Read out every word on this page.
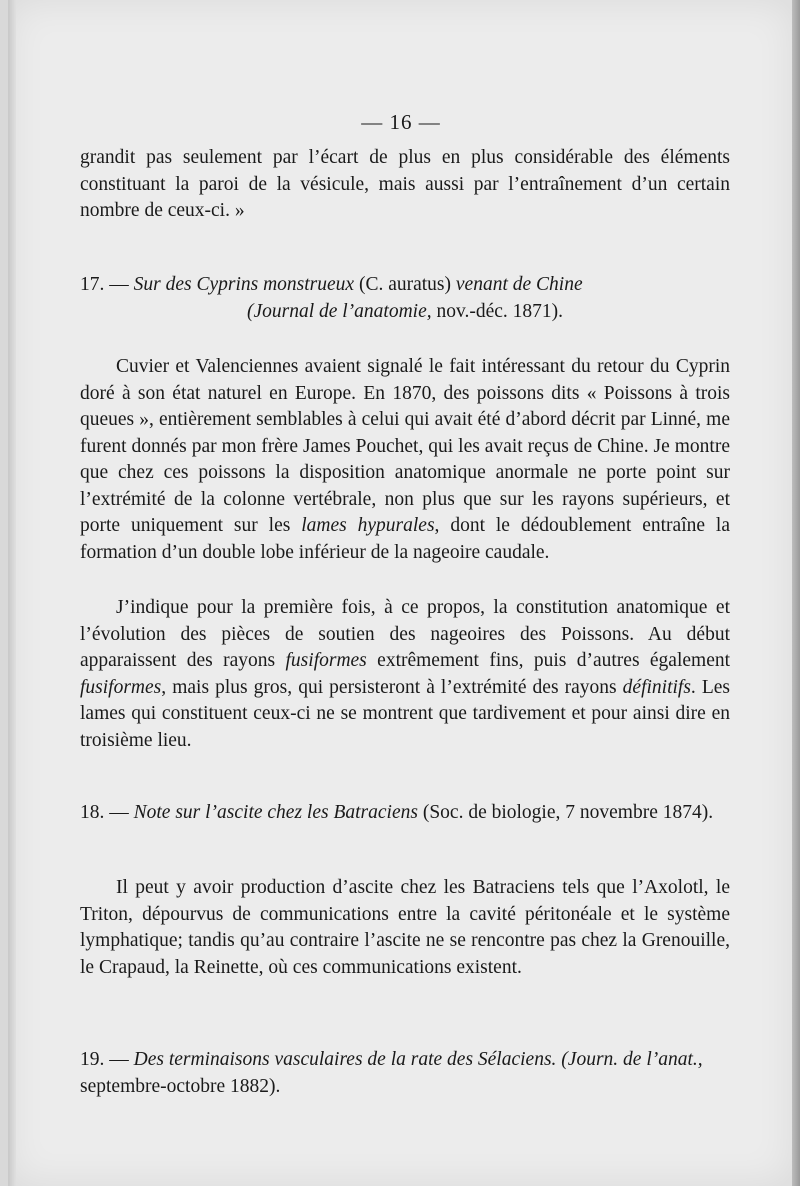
— 16 —

grandit pas seulement par l’écart de plus en plus considérable des éléments constituant la paroi de la vésicule, mais aussi par l’entraînement d’un certain nombre de ceux-ci. »

17. — Sur des Cyprins monstrueux (C. auratus) venant de Chine
(Journal de l’anatomie, nov.-déc. 1871).

Cuvier et Valenciennes avaient signalé le fait intéressant du retour du Cyprin doré à son état naturel en Europe. En 1870, des poissons dits « Poissons à trois queues », entièrement semblables à celui qui avait été d’abord décrit par Linné, me furent donnés par mon frère James Pouchet, qui les avait reçus de Chine. Je montre que chez ces poissons la disposition anatomique anormale ne porte point sur l’extrémité de la colonne vertébrale, non plus que sur les rayons supérieurs, et porte uniquement sur les lames hypurales, dont le dédoublement entraîne la formation d’un double lobe inférieur de la nageoire caudale.

J’indique pour la première fois, à ce propos, la constitution anatomique et l’évolution des pièces de soutien des nageoires des Poissons. Au début apparaissent des rayons fusiformes extrêmement fins, puis d’autres également fusiformes, mais plus gros, qui persisteront à l’extrémité des rayons définitifs. Les lames qui constituent ceux-ci ne se montrent que tardivement et pour ainsi dire en troisième lieu.

18. — Note sur l’ascite chez les Batraciens (Soc. de biologie, 7 novembre 1874).

Il peut y avoir production d’ascite chez les Batraciens tels que l’Axolotl, le Triton, dépourvus de communications entre la cavité péritonéale et le système lymphatique; tandis qu’au contraire l’ascite ne se rencontre pas chez la Grenouille, le Crapaud, la Reinette, où ces communications existent.

19. — Des terminaisons vasculaires de la rate des Sélaciens. (Journ. de l’anat., septembre-octobre 1882).
